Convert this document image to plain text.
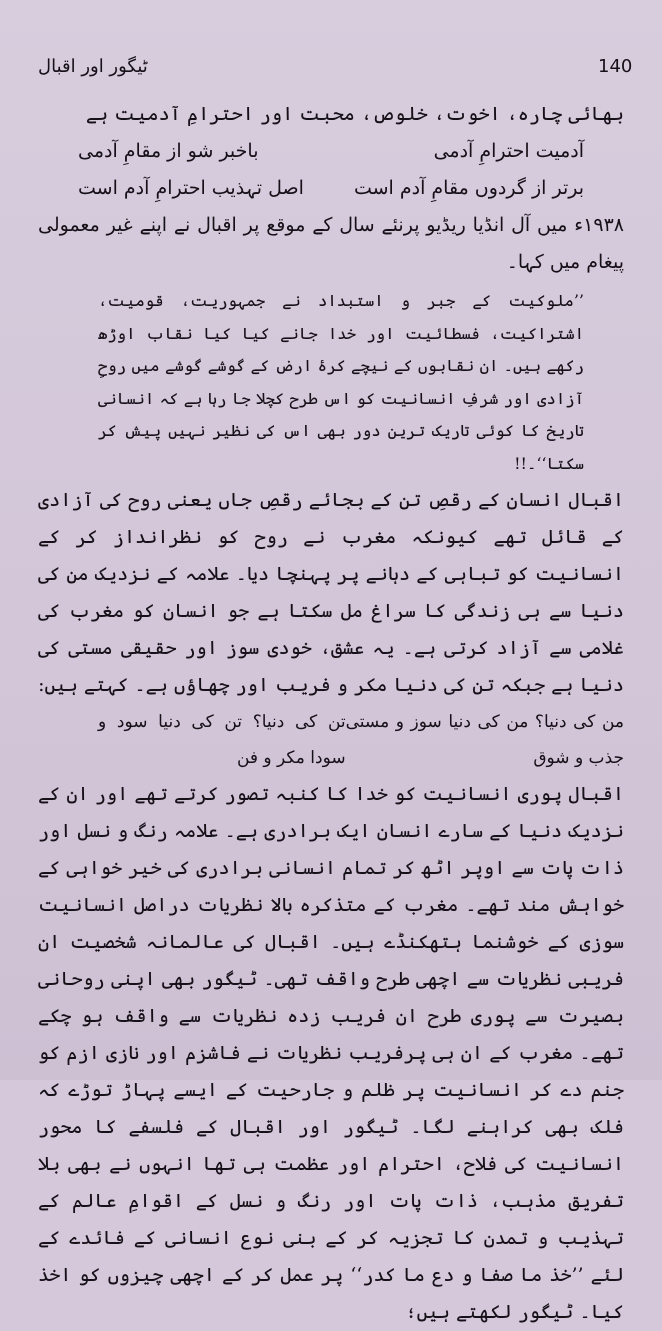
ٹیگور اور اقبال	140

بھائی چارہ، اخوت، خلوص، محبت اور احترامِ آدمیت ہے

آدمیت احترامِ آدمی
باخبر شو از مقامِ آدمی
برتر از گردوں مقامِ آدم است
اصل تہذیب احترامِ آدم است

۱۹۳۸ء میں آل انڈیا ریڈیو پرنئے سال کے موقع پر اقبال نے اپنے غیر معمولی پیغام میں کہا۔

’’ملوکیت کے جبر و استبداد نے جمہوریت، قومیت، اشتراکیت، فسطائیت اور خدا جانے کیا کیا نقاب اوڑھ رکھے ہیں۔ ان نقابوں کے نیچے کرۂ ارض کے گوشے گوشے میں روحِ آزادی اور شرفِ انسانیت کو اس طرح کچلا جا رہا ہے کہ انسانی تاریخ کا کوئی تاریک ترین دور بھی اس کی نظیر نہیں پیش کر سکتا‘‘۔!!

اقبال انسان کے رقصِ تن کے بجائے رقصِ جاں یعنی روح کی آزادی کے قائل تھے کیونکہ مغرب نے روح کو نظرانداز کر کے انسانیت کو تباہی کے دہانے پر پہنچا دیا۔ علامہ کے نزدیک من کی دنیا سے ہی زندگی کا سراغ مل سکتا ہے جو انسان کو مغرب کی غلامی سے آزاد کرتی ہے۔ یہ عشق، خودی سوز اور حقیقی مستی کی دنیا ہے جبکہ تن کی دنیا مکر و فریب اور چھاؤں ہے۔ کہتے ہیں:

من کی دنیا؟ من کی دنیا سوز و مستی جذب و شوق
تن کی دنیا؟ تن کی دنیا سود و سودا مکر و فن

اقبال پوری انسانیت کو خدا کا کنبہ تصور کرتے تھے اور ان کے نزدیک دنیا کے سارے انسان ایک برادری ہے۔ علامہ رنگ و نسل اور ذات پات سے اوپر اٹھ کر تمام انسانی برادری کی خیر خواہی کے خواہش مند تھے۔ مغرب کے متذکرہ بالا نظریات دراصل انسانیت سوزی کے خوشنما ہتھکنڈے ہیں۔ اقبال کی عالمانہ شخصیت ان فریبی نظریات سے اچھی طرح واقف تھی۔ ٹیگور بھی اپنی روحانی بصیرت سے پوری طرح ان فریب زدہ نظریات سے واقف ہو چکے تھے۔ مغرب کے ان ہی پرفریب نظریات نے فاشزم اور نازی ازم کو جنم دے کر انسانیت پر ظلم و جارحیت کے ایسے پہاڑ توڑے کہ فلک بھی کراہنے لگا۔ ٹیگور اور اقبال کے فلسفے کا محور انسانیت کی فلاح، احترام اور عظمت ہی تھا انہوں نے بھی بلا تفریق مذہب، ذات پات اور رنگ و نسل کے اقوامِ عالم کے تہذیب و تمدن کا تجزیہ کر کے بنی نوع انسانی کے فائدے کے لئے ’’خذ ما صفا و دع ما کدر‘‘ پر عمل کر کے اچھی چیزوں کو اخذ کیا۔ ٹیگور لکھتے ہیں؛
